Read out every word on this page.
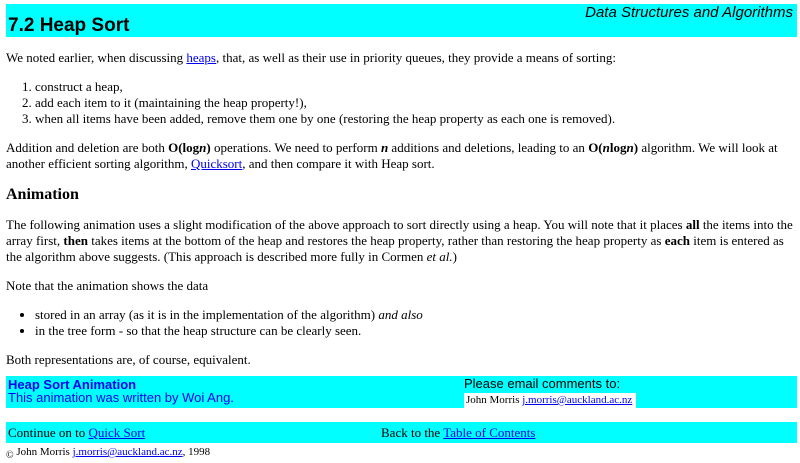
7.2 Heap Sort
Data Structures and Algorithms

We noted earlier, when discussing heaps, that, as well as their use in priority queues, they provide a means of sorting:

1. construct a heap,
2. add each item to it (maintaining the heap property!),
3. when all items have been added, remove them one by one (restoring the heap property as each one is removed).

Addition and deletion are both O(logn) operations. We need to perform n additions and deletions, leading to an O(nlogn) algorithm. We will look at another efficient sorting algorithm, Quicksort, and then compare it with Heap sort.

Animation

The following animation uses a slight modification of the above approach to sort directly using a heap. You will note that it places all the items into the array first, then takes items at the bottom of the heap and restores the heap property, rather than restoring the heap property as each item is entered as the algorithm above suggests. (This approach is described more fully in Cormen et al.)

Note that the animation shows the data

• stored in an array (as it is in the implementation of the algorithm) and also
• in the tree form - so that the heap structure can be clearly seen.

Both representations are, of course, equivalent.

Heap Sort Animation
This animation was written by Woi Ang.
Please email comments to:
John Morris j.morris@auckland.ac.nz
Continue on to Quick Sort	Back to the Table of Contents
© John Morris j.morris@auckland.ac.nz, 1998
